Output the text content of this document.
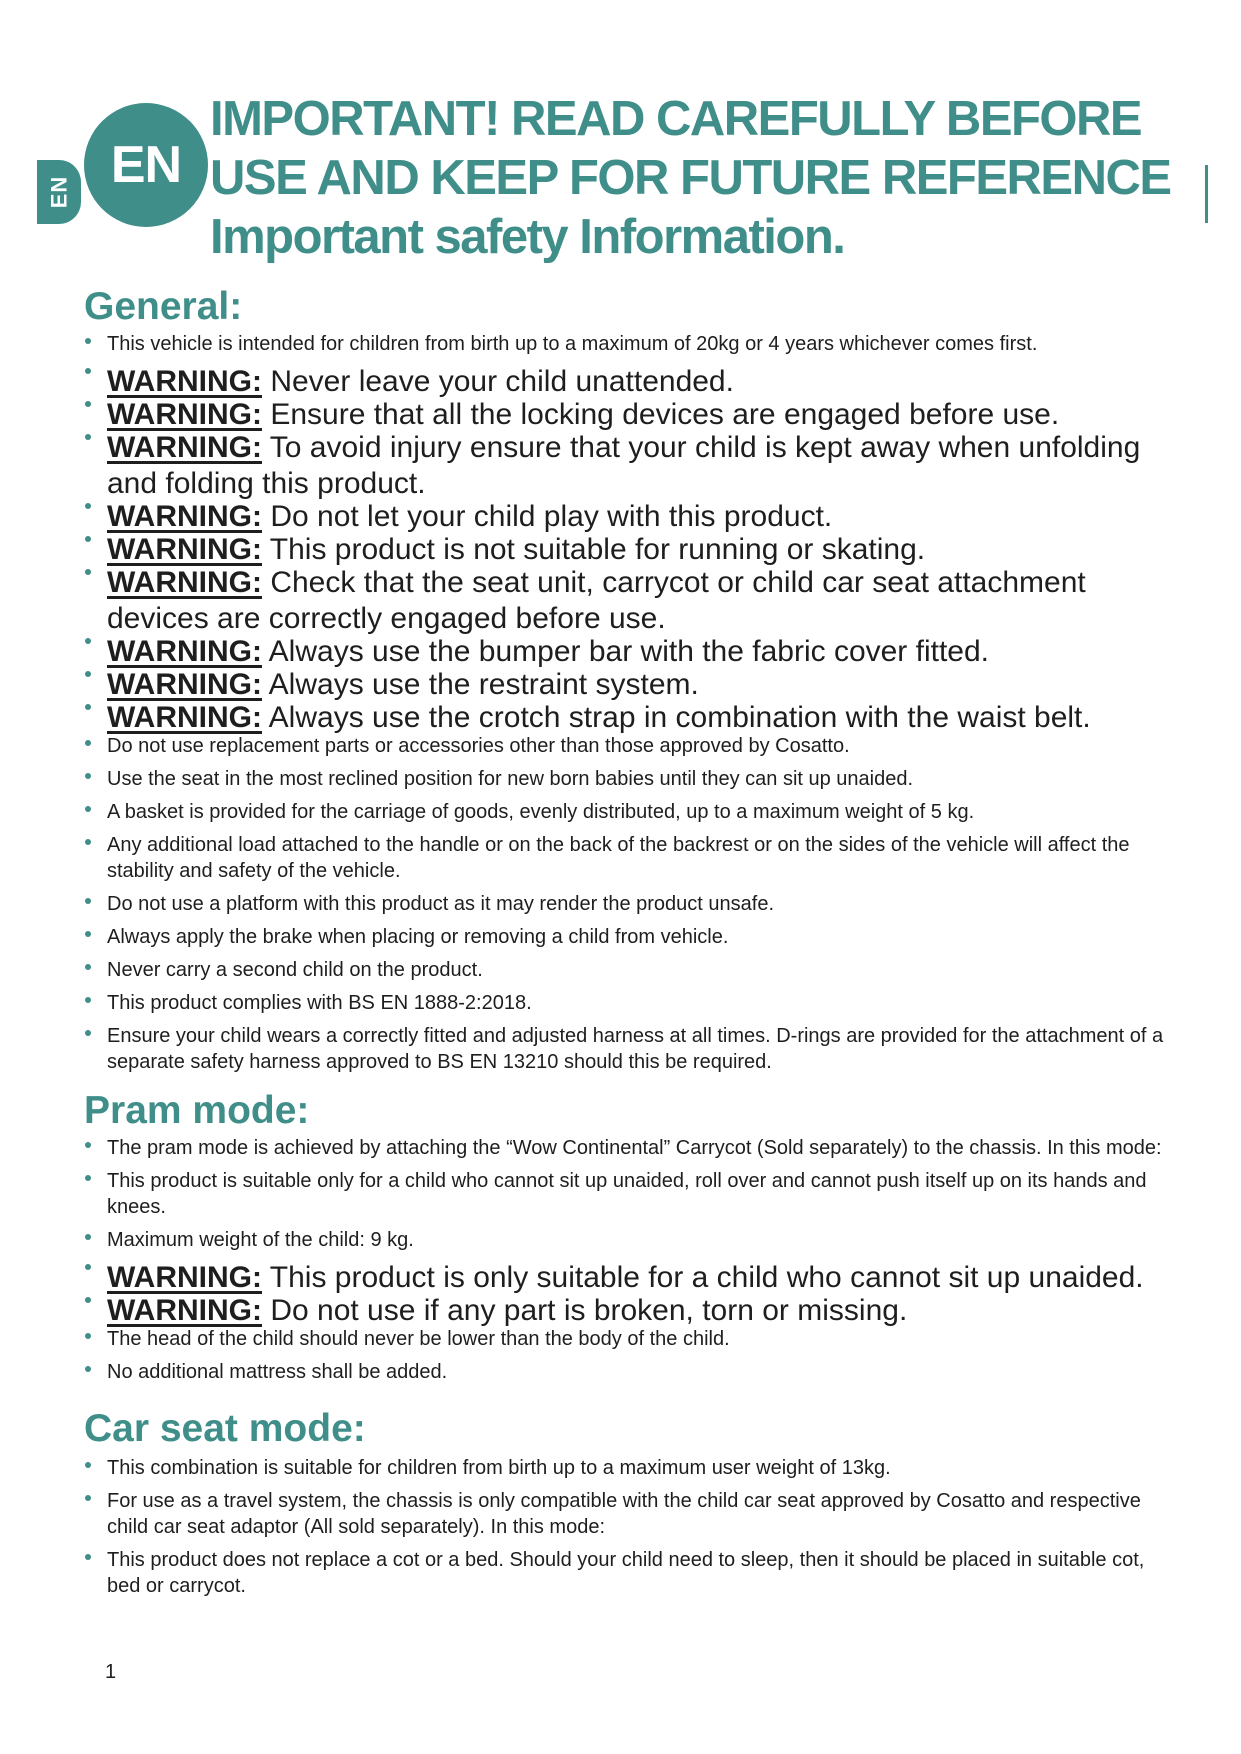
EN EN
IMPORTANT! READ CAREFULLY BEFORE
USE AND KEEP FOR FUTURE REFERENCE
Important safety Information.
General:
This vehicle is intended for children from birth up to a maximum of 20kg or 4 years whichever comes first.
WARNING: Never leave your child unattended.
WARNING: Ensure that all the locking devices are engaged before use.
WARNING: To avoid injury ensure that your child is kept away when unfolding and folding this product.
WARNING: Do not let your child play with this product.
WARNING: This product is not suitable for running or skating.
WARNING: Check that the seat unit, carrycot or child car seat attachment devices are correctly engaged before use.
WARNING: Always use the bumper bar with the fabric cover fitted.
WARNING: Always use the restraint system.
WARNING: Always use the crotch strap in combination with the waist belt.
Do not use replacement parts or accessories other than those approved by Cosatto.
Use the seat in the most reclined position for new born babies until they can sit up unaided.
A basket is provided for the carriage of goods, evenly distributed, up to a maximum weight of 5 kg.
Any additional load attached to the handle or on the back of the backrest or on the sides of the vehicle will affect the stability and safety of the vehicle.
Do not use a platform with this product as it may render the product unsafe.
Always apply the brake when placing or removing a child from vehicle.
Never carry a second child on the product.
This product complies with BS EN 1888-2:2018.
Ensure your child wears a correctly fitted and adjusted harness at all times. D-rings are provided for the attachment of a separate safety harness approved to BS EN 13210 should this be required.
Pram mode:
The pram mode is achieved by attaching the “Wow Continental” Carrycot (Sold separately) to the chassis. In this mode:
This product is suitable only for a child who cannot sit up unaided, roll over and cannot push itself up on its hands and knees.
Maximum weight of the child: 9 kg.
WARNING: This product is only suitable for a child who cannot sit up unaided.
WARNING: Do not use if any part is broken, torn or missing.
The head of the child should never be lower than the body of the child.
No additional mattress shall be added.
Car seat mode:
This combination is suitable for children from birth up to a maximum user weight of 13kg.
For use as a travel system, the chassis is only compatible with the child car seat approved by Cosatto and respective child car seat adaptor (All sold separately). In this mode:
This product does not replace a cot or a bed. Should your child need to sleep, then it should be placed in suitable cot, bed or carrycot.
1
